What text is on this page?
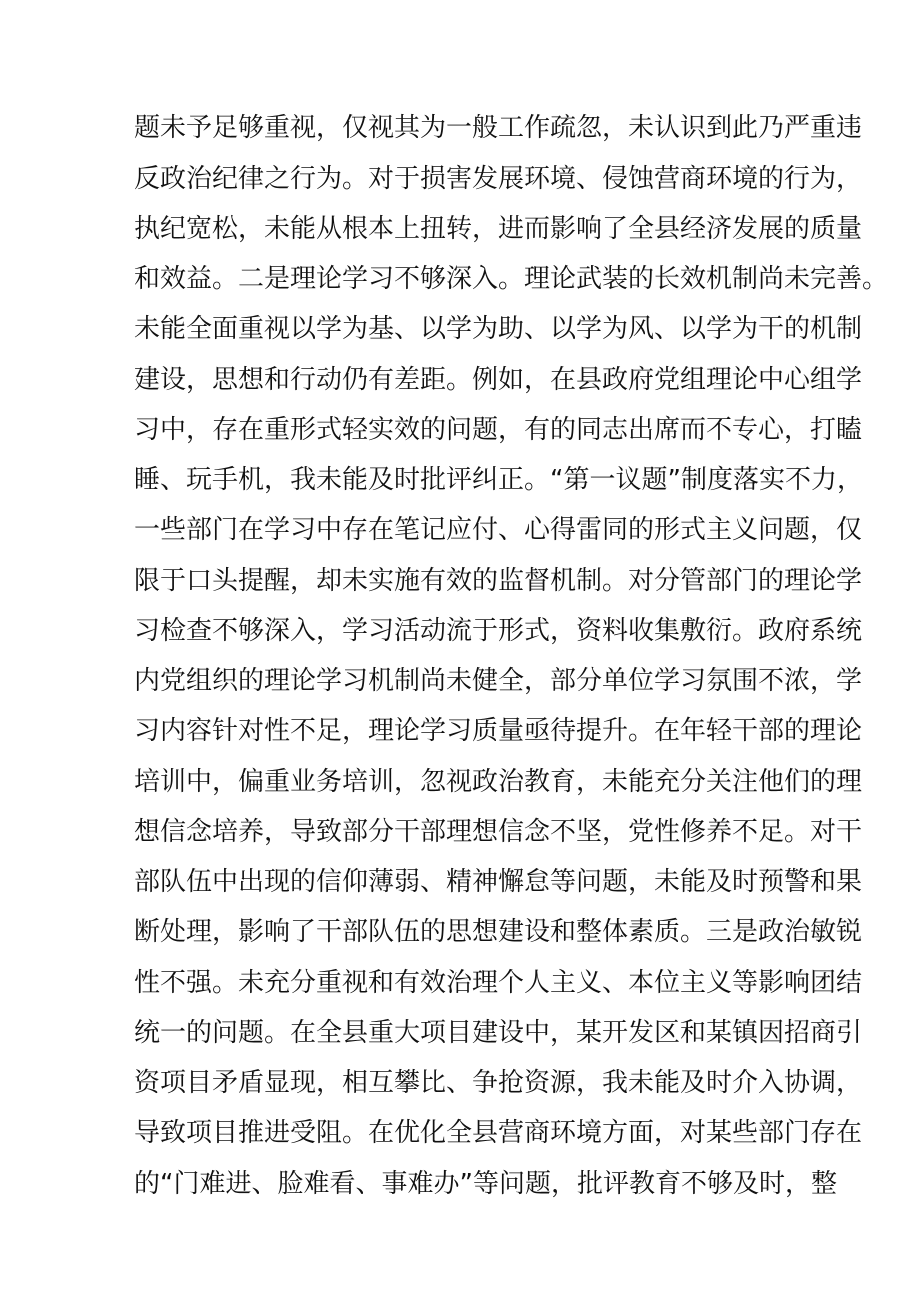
题未予足够重视，仅视其为一般工作疏忽，未认识到此乃严重违

反政治纪律之行为。对于损害发展环境、侵蚀营商环境的行为，

执纪宽松，未能从根本上扭转，进而影响了全县经济发展的质量

和效益。二是理论学习不够深入。理论武装的长效机制尚未完善。

未能全面重视以学为基、以学为助、以学为风、以学为干的机制

建设，思想和行动仍有差距。例如，在县政府党组理论中心组学

习中，存在重形式轻实效的问题，有的同志出席而不专心，打瞌

睡、玩手机，我未能及时批评纠正。“第一议题”制度落实不力，

一些部门在学习中存在笔记应付、心得雷同的形式主义问题，仅

限于口头提醒，却未实施有效的监督机制。对分管部门的理论学

习检查不够深入，学习活动流于形式，资料收集敷衍。政府系统

内党组织的理论学习机制尚未健全，部分单位学习氛围不浓，学

习内容针对性不足，理论学习质量亟待提升。在年轻干部的理论

培训中，偏重业务培训，忽视政治教育，未能充分关注他们的理

想信念培养，导致部分干部理想信念不坚，党性修养不足。对干

部队伍中出现的信仰薄弱、精神懈怠等问题，未能及时预警和果

断处理，影响了干部队伍的思想建设和整体素质。三是政治敏锐

性不强。未充分重视和有效治理个人主义、本位主义等影响团结

统一的问题。在全县重大项目建设中，某开发区和某镇因招商引

资项目矛盾显现，相互攀比、争抢资源，我未能及时介入协调，

导致项目推进受阻。在优化全县营商环境方面，对某些部门存在

的“门难进、脸难看、事难办”等问题，批评教育不够及时，整
